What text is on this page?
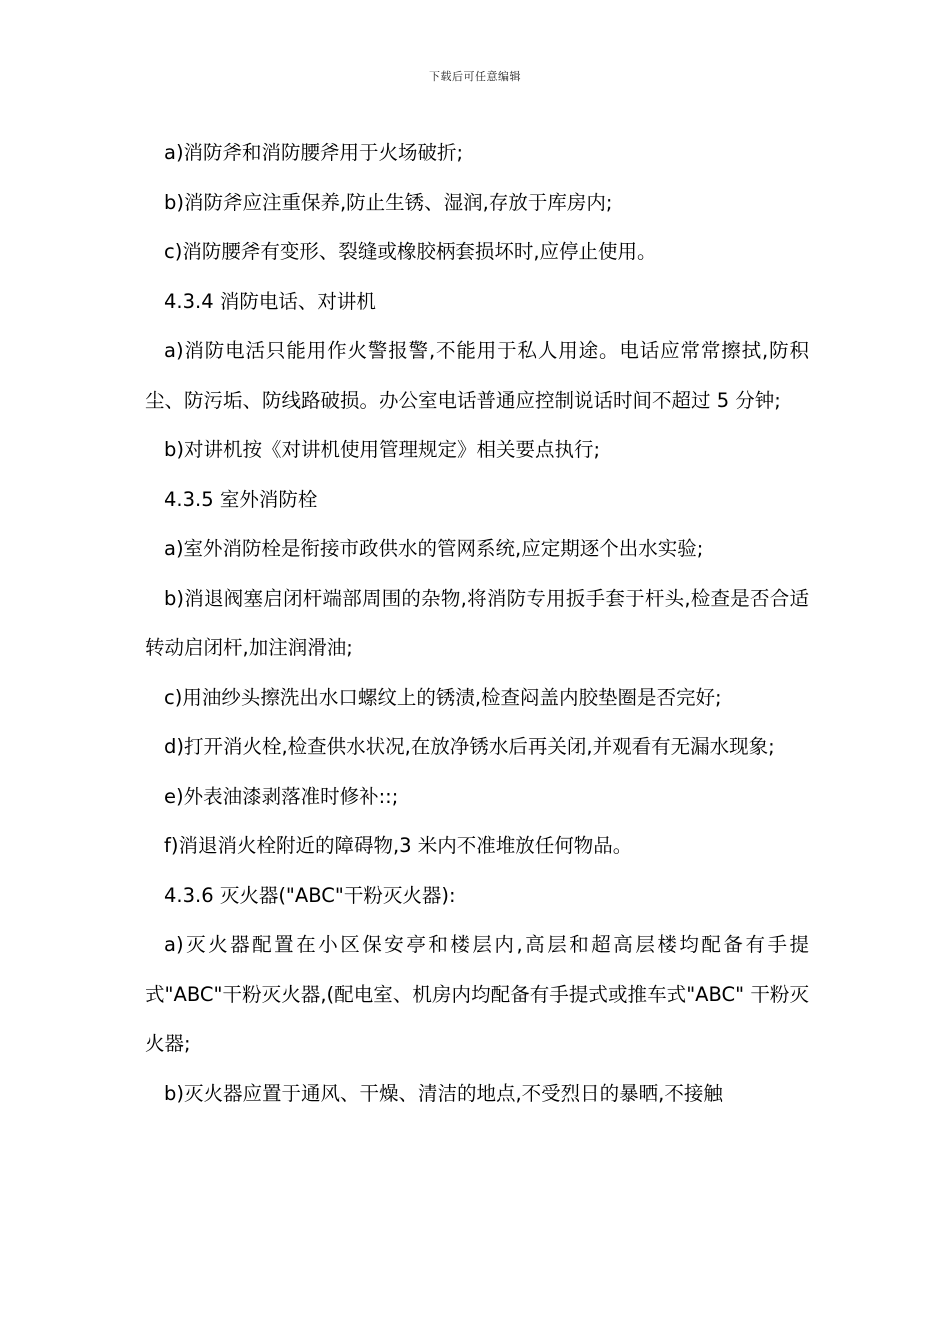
下载后可任意编辑

a)消防斧和消防腰斧用于火场破折;

b)消防斧应注重保养,防止生锈、湿润,存放于库房内;

c)消防腰斧有变形、裂缝或橡胶柄套损坏时,应停止使用。

4.3.4 消防电话、对讲机

a)消防电活只能用作火警报警,不能用于私人用途。电话应常常擦拭,防积尘、防污垢、防线路破损。办公室电话普通应控制说话时间不超过 5 分钟;

b)对讲机按《对讲机使用管理规定》相关要点执行;

4.3.5 室外消防栓

a)室外消防栓是衔接市政供水的管网系统,应定期逐个出水实验;

b)消退阀塞启闭杆端部周围的杂物,将消防专用扳手套于杆头,检查是否合适转动启闭杆,加注润滑油;

c)用油纱头擦洗出水口螺纹上的锈渍,检查闷盖内胶垫圈是否完好;

d)打开消火栓,检查供水状况,在放净锈水后再关闭,并观看有无漏水现象;

e)外表油漆剥落准时修补::;

f)消退消火栓附近的障碍物,3 米内不准堆放任何物品。

4.3.6 灭火器("ABC"干粉灭火器):

a)灭火器配置在小区保安亭和楼层内,高层和超高层楼均配备有手提式"ABC"干粉灭火器,(配电室、机房内均配备有手提式或推车式"ABC" 干粉灭火器;

b)灭火器应置于通风、干燥、清洁的地点,不受烈日的暴晒,不接触
